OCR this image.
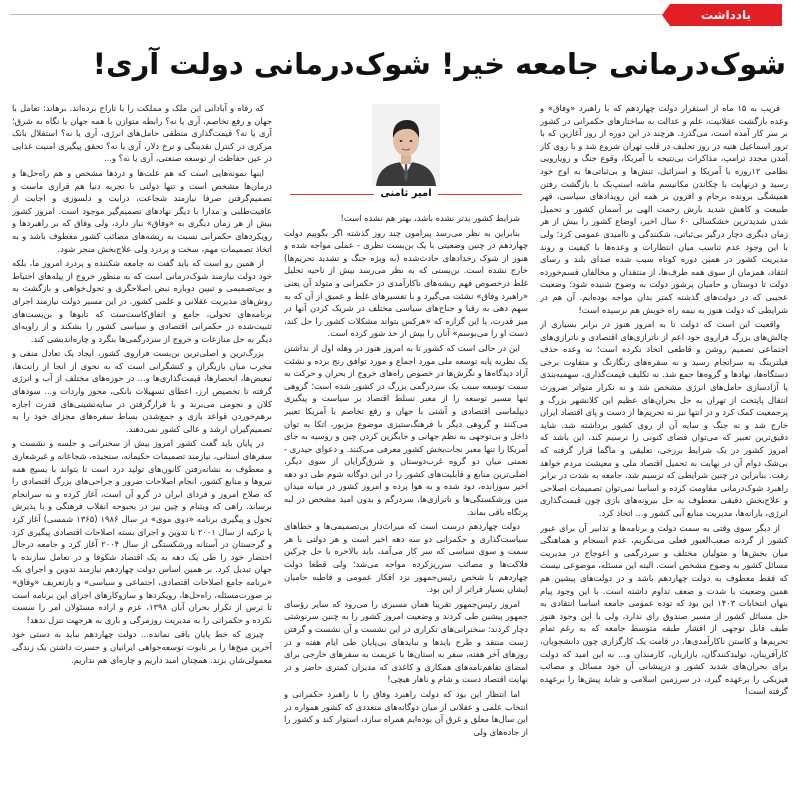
یادداشت
شوک‌درمانی جامعه خیر! شوک‌درمانی دولت آری!

قریب به ۱۵ ماه از استقرار دولت چهاردهم که با راهبرد «وفاق» و وعده بازگشت عقلانیت، علم و عدالت به ساختارهای حکمرانی در کشور بر سر کار آمده است، می‌گذرد. هرچند در این دوره از روز آغازین که با ترور اسماعیل هنیه در روز تحلیف در قلب تهران شروع شد و با روی کار آمدن مجدد ترامپ، مذاکرات بی‌نتیجه با آمریکا، وقوع جنگ و رویارویی نظامی ۱۲روزه با آمریکا و اسرائیل، تنش‌ها و بی‌ثباتی‌ها به اوج خود رسید و درنهایت با چکاندن مکانیسم ماشه اسنپ‌بک با بازگشت رفتن همیشگی برونده برجام و افزون بر همه این رویدادهای سیاسی، قهر طبیعت و کاهش شدید بارش رحمت الهی بر آسمان کشور و تحمیل شدن شدیدترین خشکسالی ۶۰ سال اخیر، اوضاع کشور را بیش از هر زمان دیگری دچار درگیر بی‌ثباتی، شکنندگی و ناامیدی عمومی کرد؛ ولی با این وجود عدم تناسب میان انتظارات و وعده‌ها با کیفیت و روند مدیریت کشور در همین دوره کوتاه سبب شده صدای بلند و رسای انتقاد، همزمان از سوی همه طرف‌ها، از منتقدان و مخالفان قسم‌خورده دولت تا دوستان و حامیان پرشور دولت به وضوح شنیده شود؛ وضعیت عجیبی که در دولت‌های گذشته کمتر بدان مواجه بوده‌ایم. آن هم در شرایطی که دولت هنوز به نیمه راه خویش هم نرسیده است!

واقعیت این است که دولت تا به امروز هنوز در برابر بسیاری از چالش‌های بزرگ فراروی خود اعم از ناترازی‌های اقتصادی و ناترازی‌های اجتماعی تصمیم روشن و قاطعی اتخاذ نکرده است؛ نه وعده حذف فیلترینگ به سرانجام رسید و نه سفره‌های رنگارنگ و متفاوت برخی دستگاه‌ها، نهادها و گروه‌ها جمع شد. نه تکلیف قیمت‌گذاری، سهمیه‌بندی یا آزادسازی حامل‌های انرژی مشخص شد و نه تکرار متواتر ضرورت انتقال پایتخت از تهران به حل بحران‌های عظیم این کلانشهر بزرگ و پرجمعیت کمک کرد و در انتها نیز نه تحریم‌ها از دست و پای اقتصاد ایران خارج شد و نه جنگ و سایه آن از روی کشور برداشته شد. شاید دقیق‌ترین تعبیر که می‌توان فضای کنونی را ترسیم کند، این باشد که امروز کشور در یک شرایط برزخی، تعلیقی و ما‌گما قرار گرفته که بی‌شک دوام آن در نهایت به تحمیل اقتصاد ملی و معیشت مردم خواهد رفت. بنابراین در چنین شرایطی که ترسیم شد، جامعه به شدت در برابر راهبرد شوک‌درمانی مقاومت کرده و اساسا نمی‌توان تصمیمات اصلاحی و علاج‌بخش دقیقی معطوف به حل بیرونه‌های بازی چون قیمت‌گذاری انرژی، یارانه‌ها، مدیریت منابع آبی کشور و... اتخاذ کرد.

از دیگر سوی وقتی به سمت دولت و برنامه‌ها و تدابیر آن برای عبور کشور از گردنه صعب‌العبور فعلی می‌نگریم، عدم انسجام و هماهنگی میان بخش‌ها و متولیان مختلف و سردرگمی و اعوجاج در مدیریت مسائل کشور به وضوح مشخص است. البته این مسئله، موضوعی نیست که فقط معطوف به دولت چهاردهم باشد و در دولت‌های پیشین هم همین وضعیت با شدت و ضعف تداوم داشته است. با این وجود پیام بنهان انتخابات ۱۴۰۳ این بود که توده عمومی جامعه اساسا انتقادی به حل مسائل کشور از مسیر صندوق رای ندارد، ولی با این وجود هنوز طیف قابل توجهی از اقشار طبقه متوسط جامعه که به رغم تمام تحریم‌ها و کاستن ناکارآمدی‌ها، در قامت یک کارگزاری چون دانشجویان، کارآفرینان، تولیدکنندگان، بازاریان، کارمندان و... به این امید که دولت برای بحران‌های شدید کشور و درپیشانی آن خود مسائل و مصائب فیزیکی را برعهده گیرد، در سرزمین اسلامی و شاید پیش‌ها را برعهده گرفته است!

امیر ثامنی

شرایط کشور بدتر نشده باشد، بهتر هم نشده است!

بنابراین به نظر می‌رسد پیرامون چند روز گذشته اگر بگوییم دولت چهاردهم در چنین وضعیتی با یک بن‌بست نظری - عملی مواجه شده و هنوز از شوک رخدادهای حادث‌شده (به ویژه جنگ و تشدید تحریم‌ها) خارج نشده است. بن‌بستی که به نظر می‌رسد بیش از ناحیه تحلیل غلط درخصوص فهم ریشه‌های ناکارآمدی در حکمرانی و متولد آن یعنی «راهبرد وفاق» نشئت می‌گیرد و با تفسیرهای غلط و عمیق از آن که به سهم دهی به رقبا و جناح‌های سیاسی مختلف در شریک کردن آنها در میز قدرت، یا این گزاره که «هرکس بتواند مشکلات کشور را حل کند، دست او را می‌بوسم» آنان را بیش از حد شور کرده است.

این در حالی است که کشور تا به امروز هنوز در وهله اول از نداشتن یک نظریه پایه توسعه ملی مورد اجماع و مورد توافق رنج برده و نشئت آزاد دیدگاه‌ها و نگرش‌ها در خصوص راه‌های خروج از بحران و حرکت به سمت توسعه سبب یک سردرگمی بزرگ در کشور شده است؛ گروهی تنها مسیر توسعه را از معبر تسلط اقتصاد بر سیاست و پیگیری دیپلماسی اقتصادی و آشتی با جهان و رفع تخاصم با آمریکا تعبیر می‌کنند و گروهی دیگر با فرهنگ‌ستیزی موضوع مزبور، اتکا به توان داخل و بی‌توجهی به نظم جهانی و جایگزین کردن چین و روسیه به جای آمریکا را تنها معبر نجات‌بخش کشور معرفی می‌کنند. و دعوای حیدری - نعمتی میان دو گروه غرب‌دوستان و شرق‌گرایان از سوی دیگر، اصلی‌ترین منابع و قابلیت‌های کشور را در این دوگانه شوم طی دو دهه اخیر سوزانده، دود شده و به هوا پرده و امروز کشور در میانه میدان مین ورشکستگی‌ها و ناترازی‌ها، سردرگم و بدون امید مشخص در لبه پرتگاه باقی بماند.

دولت چهاردهم درست است که میراث‌دار بی‌تصمیمی‌ها و خطاهای سیاست‌گذاری و حکمرانی دو سه دهه اخیر است و هر دولتی با هر سمت و سوی سیاسی که سر کار می‌آمد، باید بالاخره با حل چرکین فلاکت‌ها و مصائب سرریزکرده مواجه می‌شد؛ ولی قطعا دولت چهاردهم با شخص رئیس‌جمهور نزد افکار عمومی و قاطبه حامیان ایشان بسیار فراتر از این بود.

امروز رئیس‌جمهور تقریبا همان مسیری را می‌رود که سایر رؤسای جمهور پیشین طی کردند و وضعیت امروز کشور را به چنین سرنوشتی دچار کردند: سخنرانی‌های تکراری در این نشست و آن نشست و گرفتن ژست منتقد و طرح بایدها و نبایدهای بی‌پایان طی ایام هفته و در روزهای آخر هفته، سفر به استان‌ها با عزیمت به سفرهای خارجی برای امضای تفاهم‌نامه‌های همکاری و کاغذی که مدیران کمتری حاضر و در نهایت اقتصاد دست و شام و ناهار هیچی!

اما انتظار این بود که دولت راهبرد وفاق را با راهبرد حکمرانی و انتخاب علمی و عقلانی از میان دوگانه‌های متعددی که کشور همواره در این سال‌ها معلق و غرق آن بوده‌ایم همراه سازد، استوار کند و کشور را از جاده‌های ولی

که رفاه و آبادانی این ملک و مملکت را با تاراج برده‌اند. برهاند: تعامل با جهان و رفع تخاصم، آری یا نه؟ رابطه متوازن با همه جهان یا نگاه به شرق؛ آری یا نه؟ قیمت‌گذاری منطقی حامل‌های انرژی، آری یا نه؟ استقلال بانک مرکزی در کنترل نقدینگی و نرخ دلار، آری یا نه؟ تحقق پیگیری امنیت غذایی در عین حفاظت از توسعه صنعتی، آری یا نه؟ و...

اینها نمونه‌هایی است که هم علت‌ها و درد‌ها مشخص و هم راه‌حل‌ها و درمان‌ها مشخص است و تنها دولتی با تجربه دنیا هم قراری ماست و تصمیم‌گرفتن صرفا نیازمند شجاعت، درایت و دلسوزی و اجابت از عافیت‌طلبی و مدارا با دیگر نهادهای تصمیم‌گیر موجود است. امروز کشور بیش از هر زمان دیگری به «وفاق» نیاز دارد، ولی وفاق که بر راهبردها و رویکردهای حکمرانی نسبت به ریشه‌های مصائب کشور معطوف باشد و به اتخاذ تصمیمات مهم، سخت و پردرد ولی علاج‌بخش منجر شود.

از همین رو است که باید گفت نه جامعه شکننده و پردرد امروز ما، بلکه خود دولت نیازمند شوک‌درمانی است که به منظور خروج از پیله‌های احتیاط و بی‌تصمیمی و تبیین دوباره نبض اصلاحگری و تحول‌خواهی و بازگشت به روش‌های مدیریت عقلانی و علمی کشور. در این مسیر دولت نیازمند اجرای برنامه‌های تحولی، جامع و اتفاق‌کاست‌ست که تابوها و بن‌بست‌های تثبیت‌شده در حکمرانی اقتصادی و سیاسی کشور را بشکند و از زاویه‌ای دیگر به حل منازعات و خروج از سردرگمی‌ها بنگرد و چاره‌اندیشی کند.

بزرگ‌ترین و اصلی‌ترین بن‌بست فراروی کشور، ایجاد یک تعادل منفی و مخرب میان بازیگران و کنشگرانی است که به نحوی از انحا از رانت‌ها، تبعیض‌ها، انحصارها، قیمت‌گذاری‌ها و... در حوزه‌های مختلف از آب و انرژی گرفته تا تخصیص ارز، اعطای تسهیلات بانکی، مجوز واردات و... سودهای کلان و نجومی می‌برند و با قرارگرفتن در سایه‌نشینی‌های قدرت اجازه برهم‌خوردن قواعد بازی و جمع‌شدن بساط سفره‌های مجزای خود را به تصمیم‌گیران ارشد و عالی کشور نمی‌دهند.

در پایان باید گفت کشور امروز بیش از سخنرانی و جلسه و نشست و سفرهای استانی، نیازمند تصمیمات حکیمانه، سنجیده، شجاعانه و غیرشعاری و معطوف به نشانه‌رفتن کانون‌های تولید درد است تا بتواند با بسیج همه نیروها و منابع کشور، انجام اصلاحات ضرور و جراحی‌های بزرگ اقتصادی را که صلاح امروز و فردای ایران در گرو آن است، آغاز کرده و به سرانجام برساند. راهی که ویتنام و چین نیز در بحبوحه انقلاب فرهنگی و با پذیرش تحول و پیگیری برنامه «دوی موی» در سال ۱۹۸۶ (۱۳۶۵ شمسی) آغاز کرد یا ترکیه از سال ۲۰۰۱ با تدوین و اجرای بسته اصلاحات اقتصادی پیگیری کرد و گرجستان در آستانه ورشکستگی از سال ۲۰۰۴ آغاز کرد و جامعه درحال احتضار خود را طی یک دهه به یک اقتصاد شکوفا و در تعامل سازنده با جهان تبدیل کرد. بر همین اساس دولت چهاردهم نیازمند تدوین و اجرای یک «برنامه جامع اصلاحات اقتصادی، اجتماعی و سیاسی» و بازتعریف «وفاق» بر صورت‌مسئله، راه‌حل‌ها، رویکردها و سازوکارهای اجرای این برنامه است تا ترس از تکرار بحران آبان ۱۳۹۸، عزم و اراده مسئولان امر را سست نکرده و حکمرانی را به مدیریت روزمرگی و باری به هرجهت تنزل ندهد!

چیزی که خط پایان باقی نمانده... دولت چهاردهم نباید به دستی خود آخرین میخ‌ها را بر تابوت توسعه‌خواهی ایرانیان و حسرت داشتن یک زندگی معمولی‌شان بزند. همچنان امید داریم و چاره‌ای هم نداریم.
